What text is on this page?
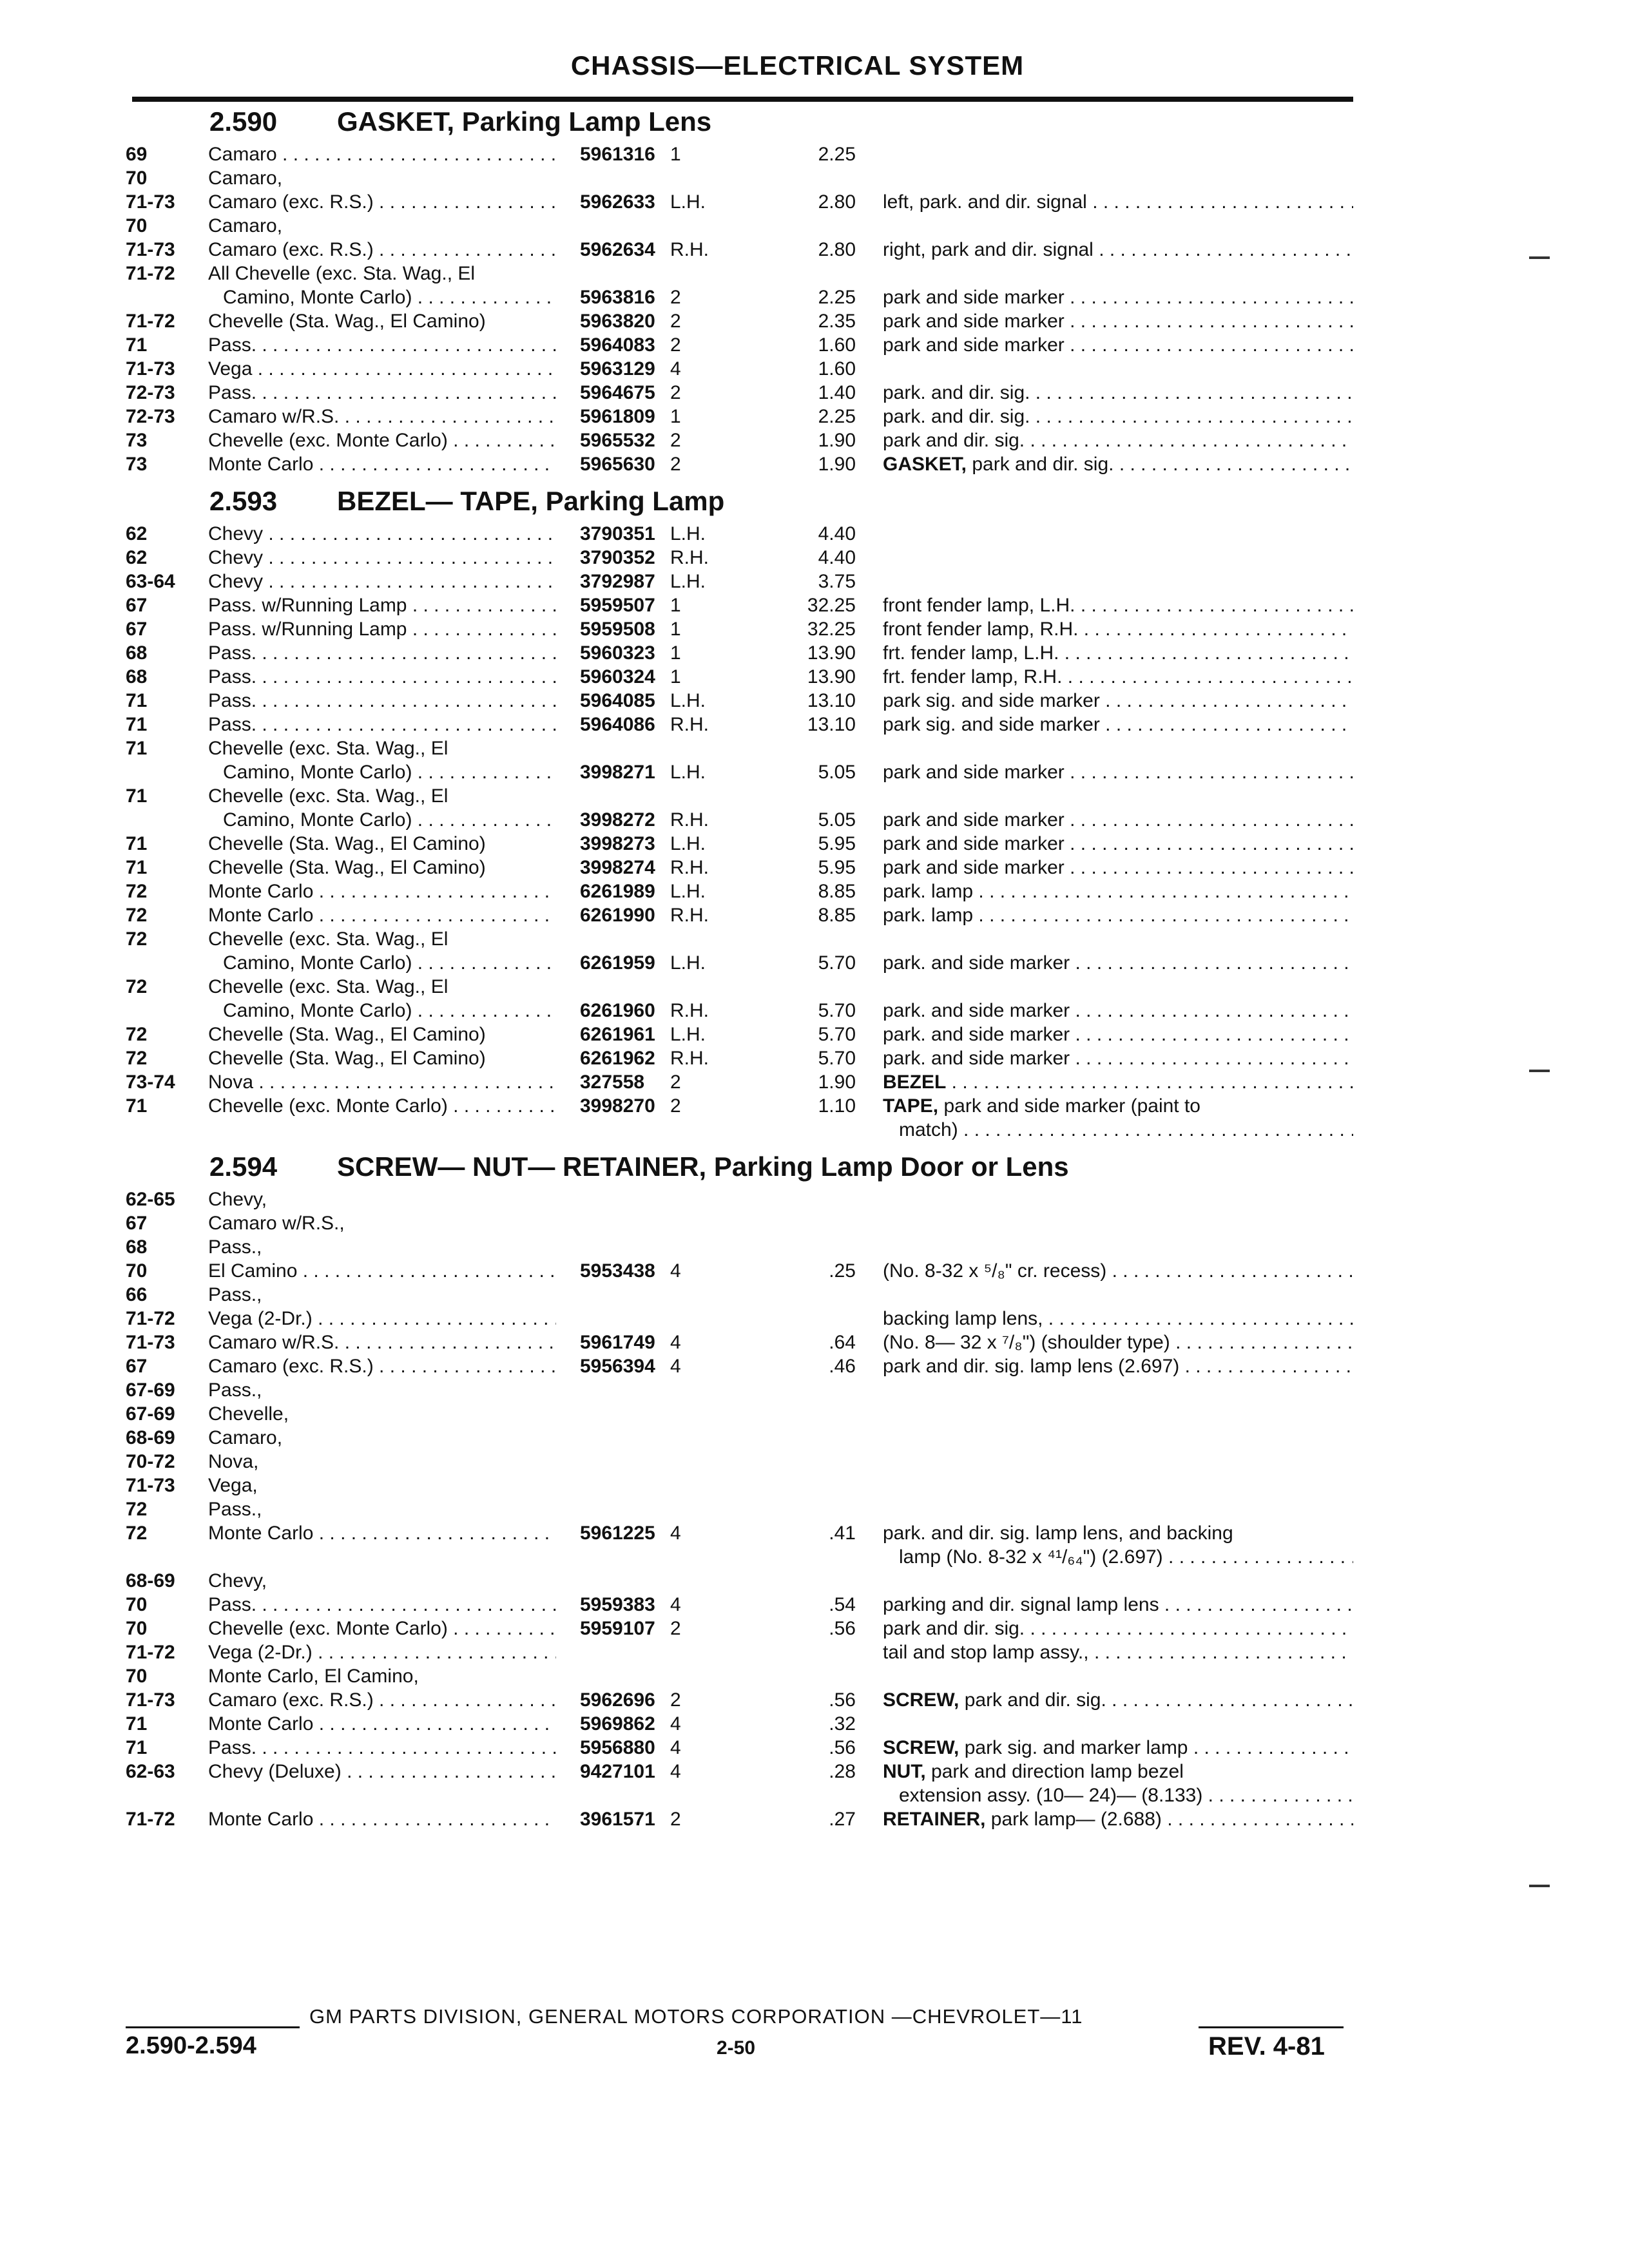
CHASSIS—ELECTRICAL SYSTEM
2.590 GASKET, Parking Lamp Lens
69	Camaro . . .	5961316 1	2.25
70	Camaro,
71-73 Camaro (exc. R.S.) . . .	5962633 L.H.	2.80 left, park. and dir. signal . . .
70	Camaro,
71-73 Camaro (exc. R.S.) . . .	5962634 R.H.	2.80 right, park and dir. signal . . .
71-72 All Chevelle (exc. Sta. Wag., El
Camino, Monte Carlo) . . .	5963816 2	2.25 park and side marker . . .
71-72 Chevelle (Sta. Wag., El Camino)	5963820 2	2.35 park and side marker . . .
71	Pass. . . .	5964083 2	1.60 park and side marker . . .
71-73 Vega . . .	5963129 4	1.60
72-73 Pass. . . .	5964675 2	1.40 park. and dir. sig. . . .
72-73 Camaro w/R.S. . . .	5961809 1	2.25 park. and dir. sig. . . .
73	Chevelle (exc. Monte Carlo) . . .	5965532 2	1.90 park and dir. sig. . . .
73	Monte Carlo . . .	5965630 2	1.90 GASKET, park and dir. sig. . . .
2.593 BEZEL— TAPE, Parking Lamp
62	Chevy . . .	3790351 L.H.	4.40
62	Chevy . . .	3790352 R.H.	4.40
63-64 Chevy . . .	3792987 L.H.	3.75
67	Pass. w/Running Lamp . . .	5959507 1	32.25 front fender lamp, L.H. . . .
67	Pass. w/Running Lamp . . .	5959508 1	32.25 front fender lamp, R.H. . . .
68	Pass. . . .	5960323 1	13.90 frt. fender lamp, L.H. . . .
68	Pass. . . .	5960324 1	13.90 frt. fender lamp, R.H. . . .
71	Pass. . . .	5964085 L.H.	13.10 park sig. and side marker . . .
71	Pass. . . .	5964086 R.H.	13.10 park sig. and side marker . . .
71	Chevelle (exc. Sta. Wag., El
Camino, Monte Carlo) . . .	3998271 L.H.	5.05 park and side marker . . .
71	Chevelle (exc. Sta. Wag., El
Camino, Monte Carlo) . . .	3998272 R.H.	5.05 park and side marker . . .
71	Chevelle (Sta. Wag., El Camino)	3998273 L.H.	5.95 park and side marker . . .
71	Chevelle (Sta. Wag., El Camino)	3998274 R.H.	5.95 park and side marker . . .
72	Monte Carlo . . .	6261989 L.H.	8.85 park. lamp . . .
72	Monte Carlo . . .	6261990 R.H.	8.85 park. lamp . . .
72	Chevelle (exc. Sta. Wag., El
Camino, Monte Carlo) . . .	6261959 L.H.	5.70 park. and side marker . . .
72	Chevelle (exc. Sta. Wag., El
Camino, Monte Carlo) . . .	6261960 R.H.	5.70 park. and side marker . . .
72	Chevelle (Sta. Wag., El Camino)	6261961 L.H.	5.70 park. and side marker . . .
72	Chevelle (Sta. Wag., El Camino)	6261962 R.H.	5.70 park. and side marker . . .
73-74 Nova . . .	327558 2	1.90 BEZEL . . .
71	Chevelle (exc. Monte Carlo) . . .	3998270 2	1.10 TAPE, park and side marker (paint to
match) . . .
2.594 SCREW— NUT— RETAINER, Parking Lamp Door or Lens
62-65 Chevy,
67	Camaro w/R.S.,
68	Pass.,
70	El Camino . . .	5953438 4	.25 (No. 8-32 x ⁵/₈" cr. recess) . . .
66	Pass.,
71-72 Vega (2-Dr.) . . .	backing lamp lens, . . .
71-73 Camaro w/R.S. . . .	5961749 4	.64 (No. 8— 32 x ⁷/₈") (shoulder type) . . .
67	Camaro (exc. R.S.) . . .	5956394 4	.46 park and dir. sig. lamp lens (2.697) . . .
67-69 Pass.,
67-69 Chevelle,
68-69 Camaro,
70-72 Nova,
71-73 Vega,
72	Pass.,
72	Monte Carlo . . .	5961225 4	.41 park. and dir. sig. lamp lens, and backing
lamp (No. 8-32 x ⁴¹/₆₄") (2.697) . . .
68-69 Chevy,
70	Pass. . . .	5959383 4	.54 parking and dir. signal lamp lens . . .
70	Chevelle (exc. Monte Carlo) . . .	5959107 2	.56 park and dir. sig. . . .
71-72 Vega (2-Dr.) . . .	tail and stop lamp assy., . . .
70	Monte Carlo, El Camino,
71-73 Camaro (exc. R.S.) . . .	5962696 2	.56 SCREW, park and dir. sig. . . .
71	Monte Carlo . . .	5969862 4	.32
71	Pass. . . .	5956880 4	.56 SCREW, park sig. and marker lamp . . .
62-63 Chevy (Deluxe) . . .	9427101 4	.28 NUT, park and direction lamp bezel
extension assy. (10— 24)— (8.133) . . .
71-72 Monte Carlo . . .	3961571 2	.27 RETAINER, park lamp— (2.688) . . .
GM PARTS DIVISION, GENERAL MOTORS CORPORATION —CHEVROLET—11
2.590-2.594	2-50	REV. 4-81
